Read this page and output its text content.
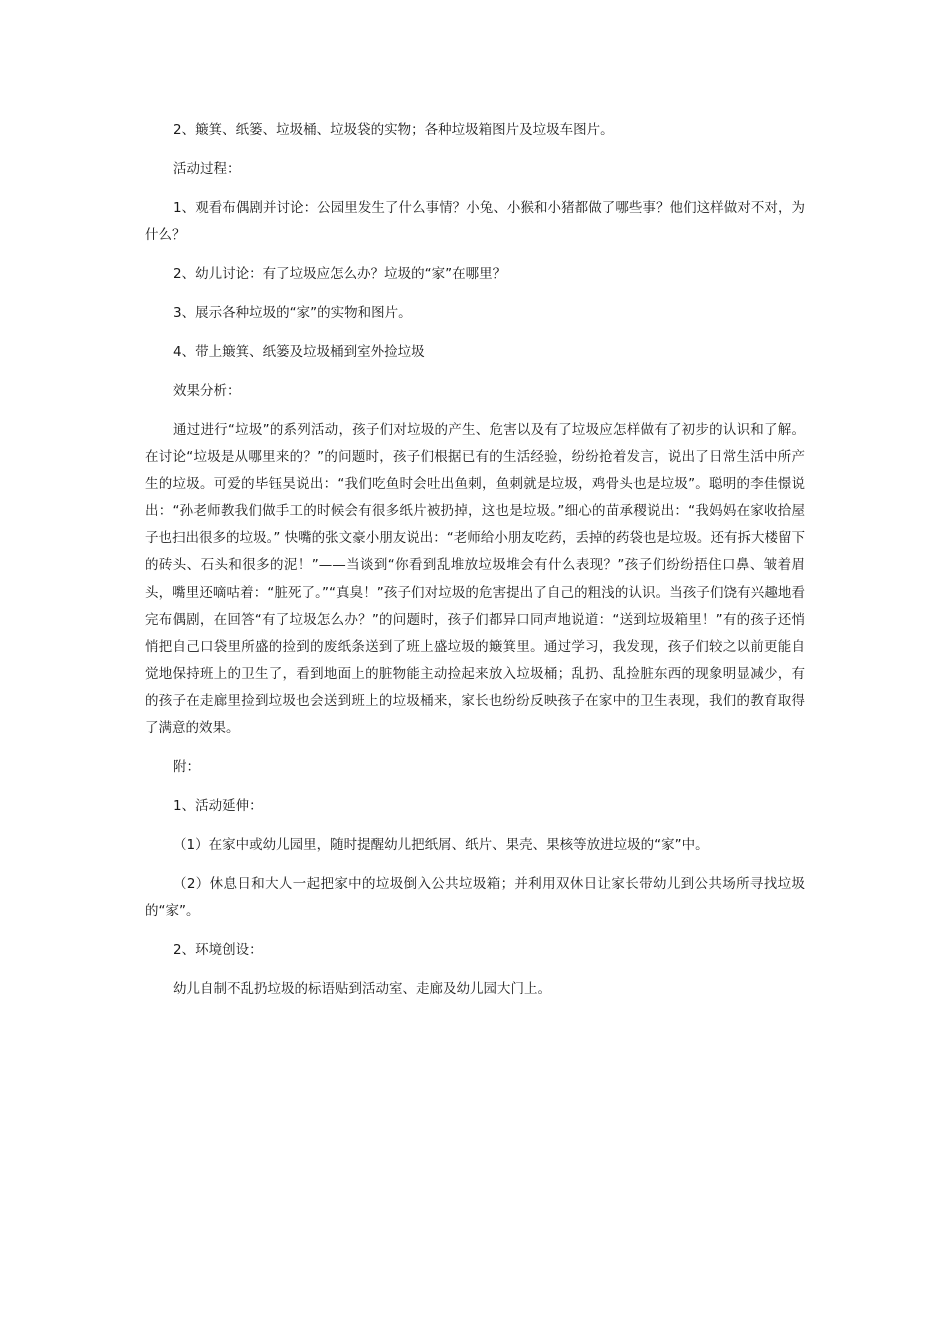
2、簸箕、纸篓、垃圾桶、垃圾袋的实物；各种垃圾箱图片及垃圾车图片。

活动过程：

1、观看布偶剧并讨论：公园里发生了什么事情？小兔、小猴和小猪都做了哪些事？他们这样做对不对，为什么？

2、幼儿讨论：有了垃圾应怎么办？垃圾的“家”在哪里？

3、展示各种垃圾的“家”的实物和图片。

4、带上簸箕、纸篓及垃圾桶到室外捡垃圾

效果分析：

通过进行“垃圾”的系列活动，孩子们对垃圾的产生、危害以及有了垃圾应怎样做有了初步的认识和了解。在讨论“垃圾是从哪里来的？”的问题时，孩子们根据已有的生活经验，纷纷抢着发言，说出了日常生活中所产生的垃圾。可爱的毕钰昊说出：“我们吃鱼时会吐出鱼刺，鱼刺就是垃圾，鸡骨头也是垃圾”。聪明的李佳憬说出：“孙老师教我们做手工的时候会有很多纸片被扔掉，这也是垃圾。”细心的苗承稷说出：“我妈妈在家收拾屋子也扫出很多的垃圾。” 快嘴的张文豪小朋友说出：“老师给小朋友吃药，丢掉的药袋也是垃圾。还有拆大楼留下的砖头、石头和很多的泥！”——当谈到“你看到乱堆放垃圾堆会有什么表现？”孩子们纷纷捂住口鼻、皱着眉头，嘴里还嘀咕着：“脏死了。”“真臭！”孩子们对垃圾的危害提出了自己的粗浅的认识。当孩子们饶有兴趣地看完布偶剧，在回答“有了垃圾怎么办？”的问题时，孩子们都异口同声地说道：“送到垃圾箱里！”有的孩子还悄悄把自己口袋里所盛的捡到的废纸条送到了班上盛垃圾的簸箕里。通过学习，我发现，孩子们较之以前更能自觉地保持班上的卫生了，看到地面上的脏物能主动捡起来放入垃圾桶；乱扔、乱捡脏东西的现象明显减少，有的孩子在走廊里捡到垃圾也会送到班上的垃圾桶来，家长也纷纷反映孩子在家中的卫生表现，我们的教育取得了满意的效果。

附：

1、活动延伸：

（1）在家中或幼儿园里，随时提醒幼儿把纸屑、纸片、果壳、果核等放进垃圾的“家”中。

（2）休息日和大人一起把家中的垃圾倒入公共垃圾箱；并利用双休日让家长带幼儿到公共场所寻找垃圾的“家”。

2、环境创设：

幼儿自制不乱扔垃圾的标语贴到活动室、走廊及幼儿园大门上。
